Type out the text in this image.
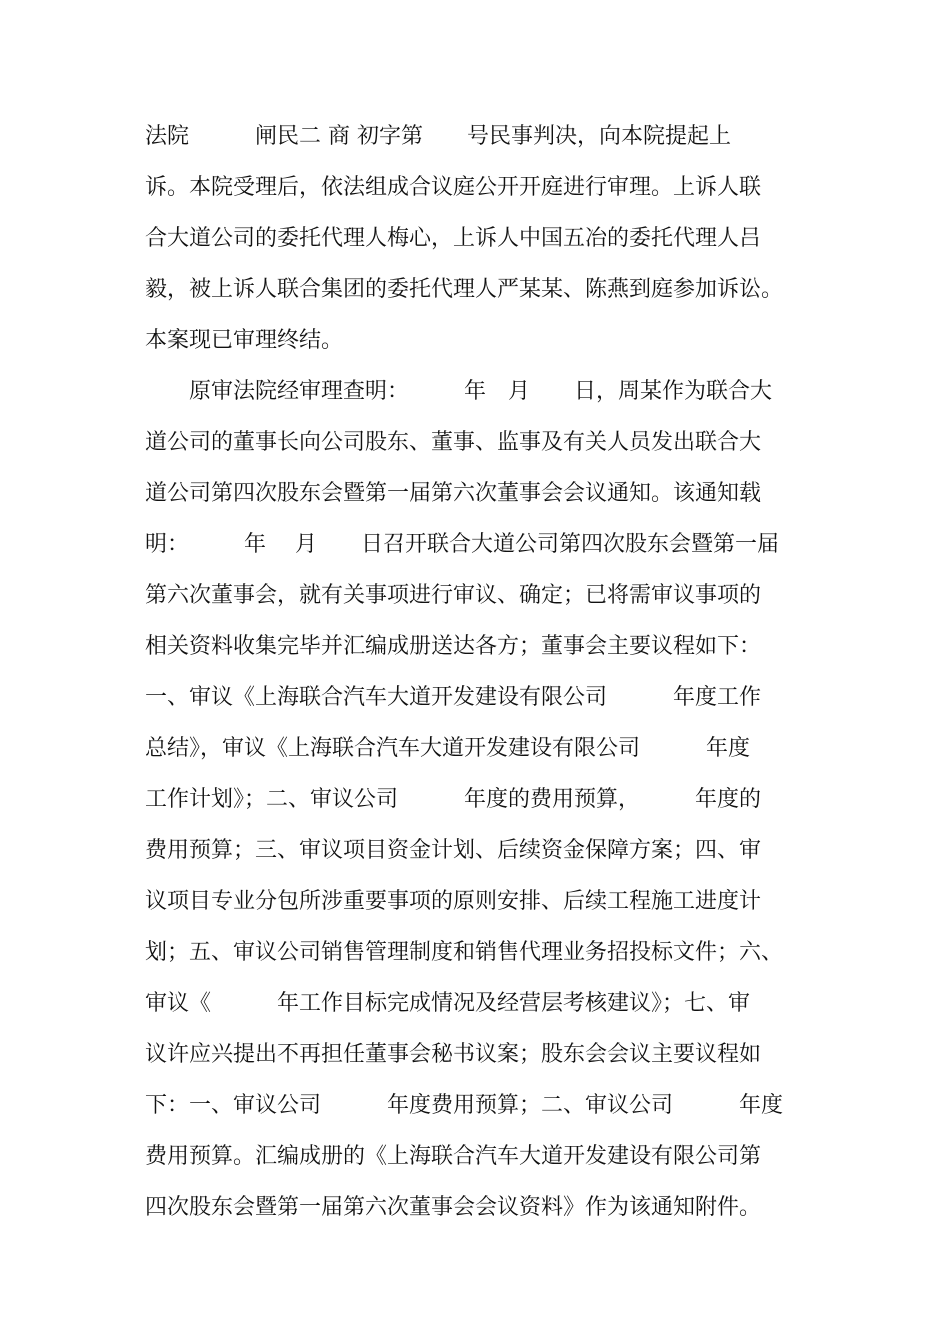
法院　　　闸民二 商 初字第　　号民事判决，向本院提起上
诉。本院受理后，依法组成合议庭公开开庭进行审理。上诉人联
合大道公司的委托代理人梅心，上诉人中国五冶的委托代理人吕
毅，被上诉人联合集团的委托代理人严某某、陈燕到庭参加诉讼。
本案现已审理终结。
　　原审法院经审理查明：　　　年　月　　日，周某作为联合大
道公司的董事长向公司股东、董事、监事及有关人员发出联合大
道公司第四次股东会暨第一届第六次董事会会议通知。该通知载
明：　　　年　 月　　日召开联合大道公司第四次股东会暨第一届
第六次董事会，就有关事项进行审议、确定；已将需审议事项的
相关资料收集完毕并汇编成册送达各方；董事会主要议程如下：
一、审议《上海联合汽车大道开发建设有限公司　　　年度工作
总结》，审议《上海联合汽车大道开发建设有限公司　　　年度
工作计划》；二、审议公司　　　年度的费用预算，　　　年度的
费用预算；三、审议项目资金计划、后续资金保障方案；四、审
议项目专业分包所涉重要事项的原则安排、后续工程施工进度计
划；五、审议公司销售管理制度和销售代理业务招投标文件；六、
审议《　　　年工作目标完成情况及经营层考核建议》；七、审
议许应兴提出不再担任董事会秘书议案；股东会会议主要议程如
下：一、审议公司　　　年度费用预算；二、审议公司　　　年度
费用预算。汇编成册的《上海联合汽车大道开发建设有限公司第
四次股东会暨第一届第六次董事会会议资料》作为该通知附件。
